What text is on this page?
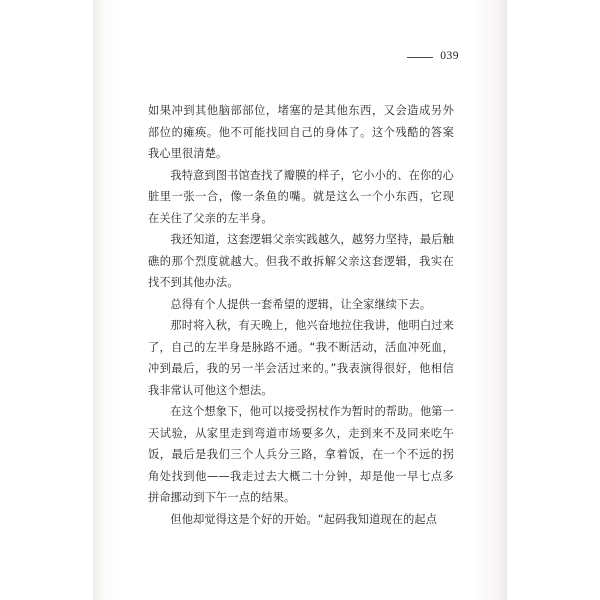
039

如果冲到其他脑部部位，堵塞的是其他东西，又会造成另外部位的瘫痪。他不可能找回自己的身体了。这个残酷的答案我心里很清楚。

我特意到图书馆查找了瓣膜的样子，它小小的、在你的心脏里一张一合，像一条鱼的嘴。就是这么一个小东西，它现在关住了父亲的左半身。

我还知道，这套逻辑父亲实践越久，越努力坚持，最后触礁的那个烈度就越大。但我不敢拆解父亲这套逻辑，我实在找不到其他办法。

总得有个人提供一套希望的逻辑，让全家继续下去。

那时将入秋，有天晚上，他兴奋地拉住我讲，他明白过来了，自己的左半身是脉路不通。“我不断活动，活血冲死血，冲到最后，我的另一半会活过来的。”我表演得很好，他相信我非常认可他这个想法。

在这个想象下，他可以接受拐杖作为暂时的帮助。他第一天试验，从家里走到弯道市场要多久，走到来不及同来吃午饭，最后是我们三个人兵分三路，拿着饭，在一个不远的拐角处找到他——我走过去大概二十分钟，却是他一早七点多拼命挪动到下午一点的结果。

但他却觉得这是个好的开始。“起码我知道现在的起点
